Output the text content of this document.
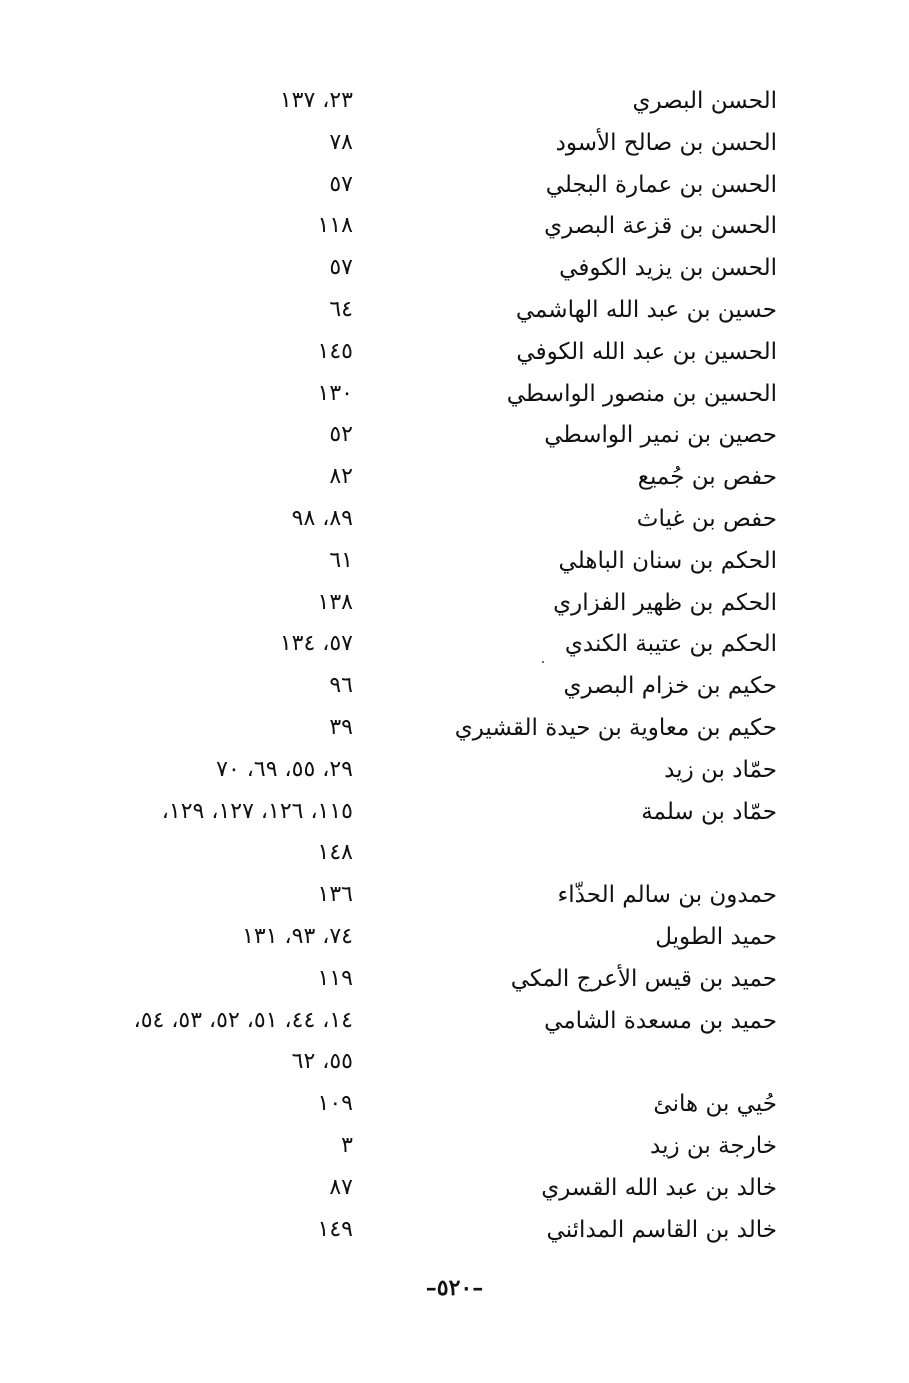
الحسن البصري
٢٣، ١٣٧
الحسن بن صالح الأسود
٧٨
الحسن بن عمارة البجلي
٥٧
الحسن بن قزعة البصري
١١٨
الحسن بن يزيد الكوفي
٥٧
حسين بن عبد الله الهاشمي
٦٤
الحسين بن عبد الله الكوفي
١٤٥
الحسين بن منصور الواسطي
١٣٠
حصين بن نمير الواسطي
٥٢
حفص بن جُميع
٨٢
حفص بن غياث
٨٩، ٩٨
الحكم بن سنان الباهلي
٦١
الحكم بن ظهير الفزاري
١٣٨
الحكم بن عتيبة الكندي
٥٧، ١٣٤
حكيم بن خزام البصري
٩٦
حكيم بن معاوية بن حيدة القشيري
٣٩
حمّاد بن زيد
٢٩، ٥٥، ٦٩، ٧٠
حمّاد بن سلمة
١١٥، ١٢٦، ١٢٧، ١٢٩،
١٤٨
حمدون بن سالم الحذّاء
١٣٦
حميد الطويل
٧٤، ٩٣، ١٣١
حميد بن قيس الأعرج المكي
١١٩
حميد بن مسعدة الشامي
١٤، ٤٤، ٥١، ٥٢، ٥٣، ٥٤،
٥٥، ٦٢
حُيي بن هانئ
١٠٩
خارجة بن زيد
٣
خالد بن عبد الله القسري
٨٧
خالد بن القاسم المدائني
١٤٩
–٥٢٠–
